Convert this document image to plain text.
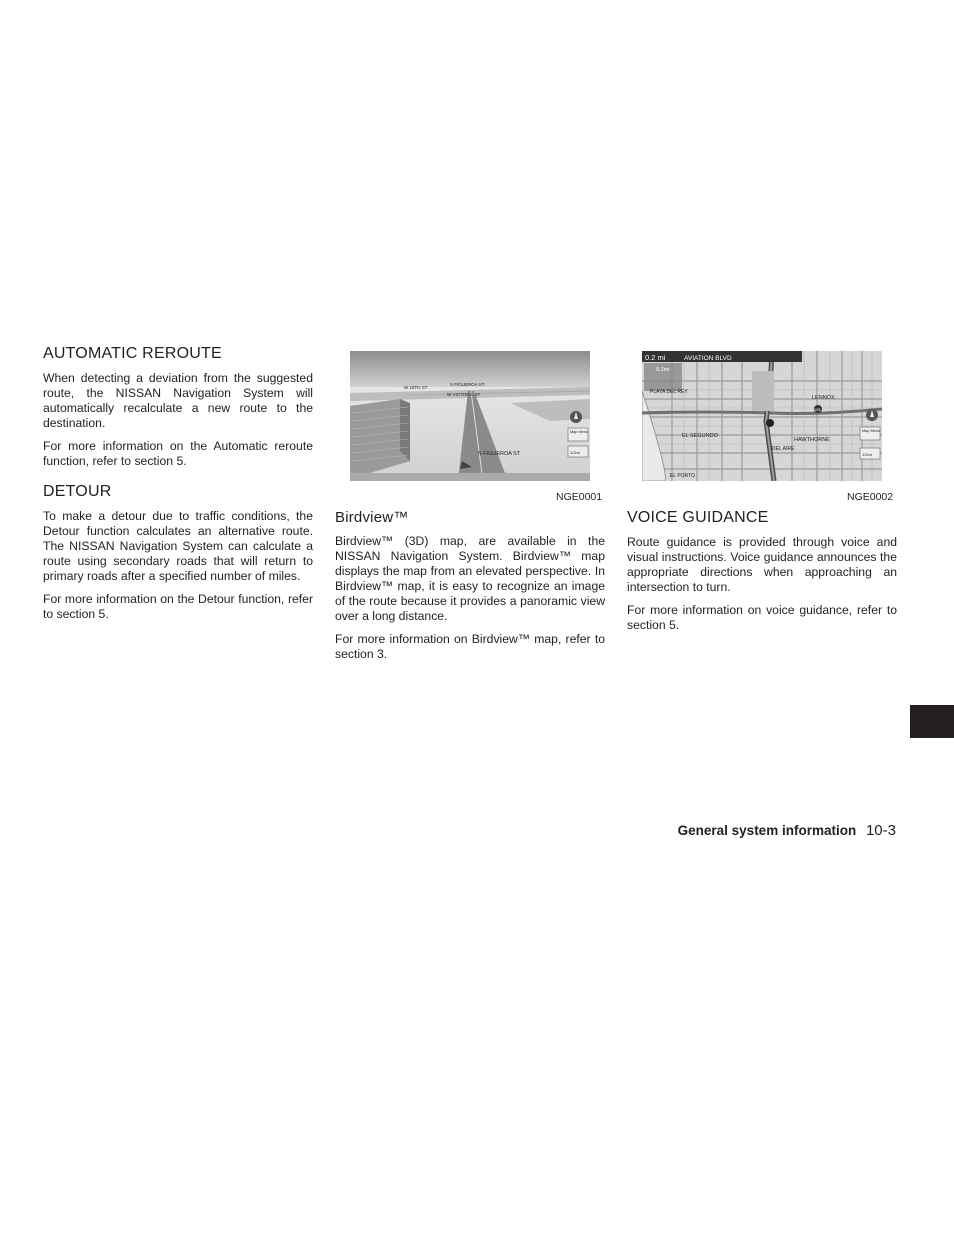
AUTOMATIC REROUTE

When detecting a deviation from the suggested route, the NISSAN Navigation System will automatically recalculate a new route to the destination.

For more information on the Automatic reroute function, refer to section 5.

DETOUR

To make a detour due to traffic conditions, the Detour function calculates an alternative route. The NISSAN Navigation System can calculate a route using secondary roads that will return to primary roads after a specified number of miles.

For more information on the Detour function, refer to section 5.

W 18TH ST
S FIGUEROA ST
W VICTORIA ST
S FIGUEROA ST
Map Menu
1/2mi
NGE0001
Birdview™

Birdview™ (3D) map, are available in the NISSAN Navigation System. Birdview™ map displays the map from an elevated perspective. In Birdview™ map, it is easy to recognize an image of the route because it provides a panoramic view over a long distance.

For more information on Birdview™ map, refer to section 3.

0.2 mi	AVIATION BLVD
0.2mi
PLAYA DEL REY
LENNOX
EL SEGUNDO
HAWTHORNE
DEL AIRE
EL PORTO
105
Map Menu
1/2mi
NGE0002
VOICE GUIDANCE

Route guidance is provided through voice and visual instructions. Voice guidance announces the appropriate directions when approaching an intersection to turn.

For more information on voice guidance, refer to section 5.

General system information 10-3
